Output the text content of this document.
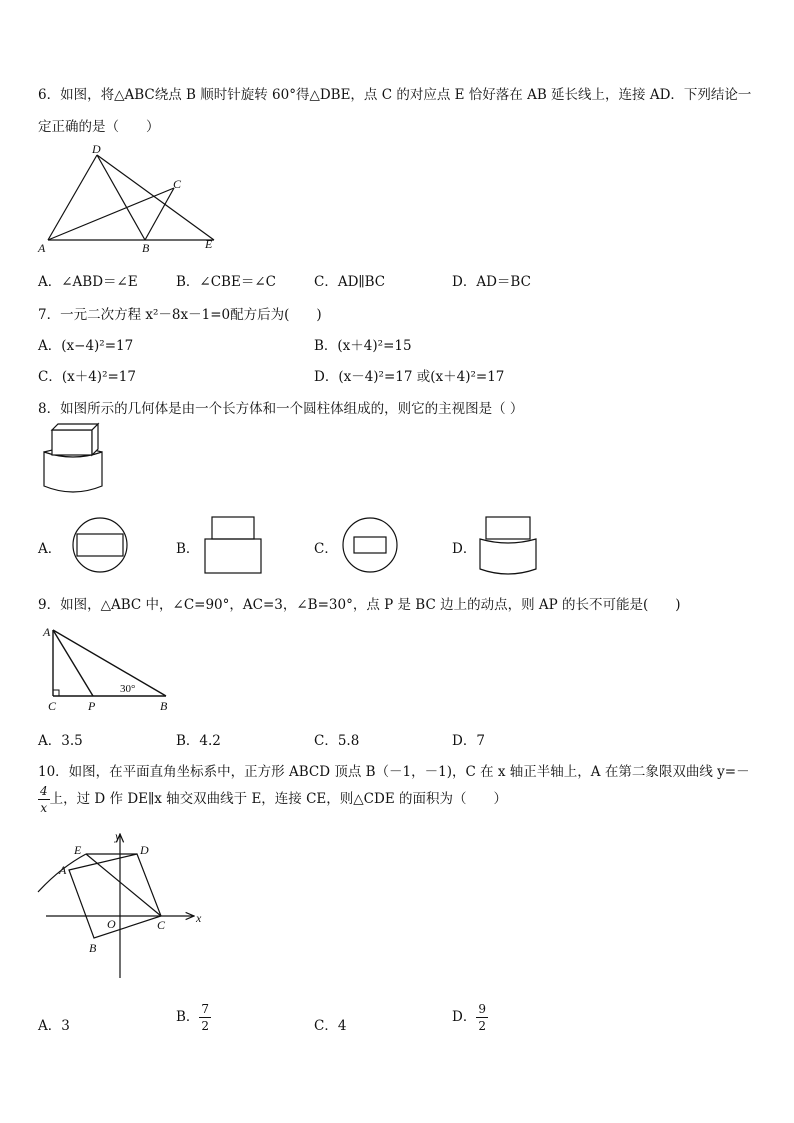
6．如图，将△ABC绕点 B 顺时针旋转 60°得△DBE，点 C 的对应点 E 恰好落在 AB 延长线上，连接 AD．下列结论一
定正确的是（　　）
D
C
A	B	E
A．∠ABD＝∠E	B．∠CBE＝∠C	C．AD∥BC	D．AD＝BC
7．一元二次方程 x²－8x－1=0配方后为(　　)
A．(x−4)²=17	B．(x＋4)²=15
C．(x＋4)²=17	D．(x－4)²=17 或(x＋4)²=17
8．如图所示的几何体是由一个长方体和一个圆柱体组成的，则它的主视图是（ ）
A．	B．	C．	D．
9．如图，△ABC 中，∠C=90°，AC=3，∠B=30°，点 P 是 BC 边上的动点，则 AP 的长不可能是(　　)
A
C	P	B
30°
A．3.5	B．4.2	C．5.8	D．7
10．如图，在平面直角坐标系中，正方形 ABCD 顶点 B（－1，－1)，C 在 x 轴正半轴上，A 在第二象限双曲线 y=－
$\frac{4}{x}$ 上，过 D 作 DE∥x 轴交双曲线于 E，连接 CE，则△CDE 的面积为（　　）
y
E	D
A
O	C	x
B
A．3
B． $\frac{7}{2}$	C．4
D． $\frac{9}{2}$
